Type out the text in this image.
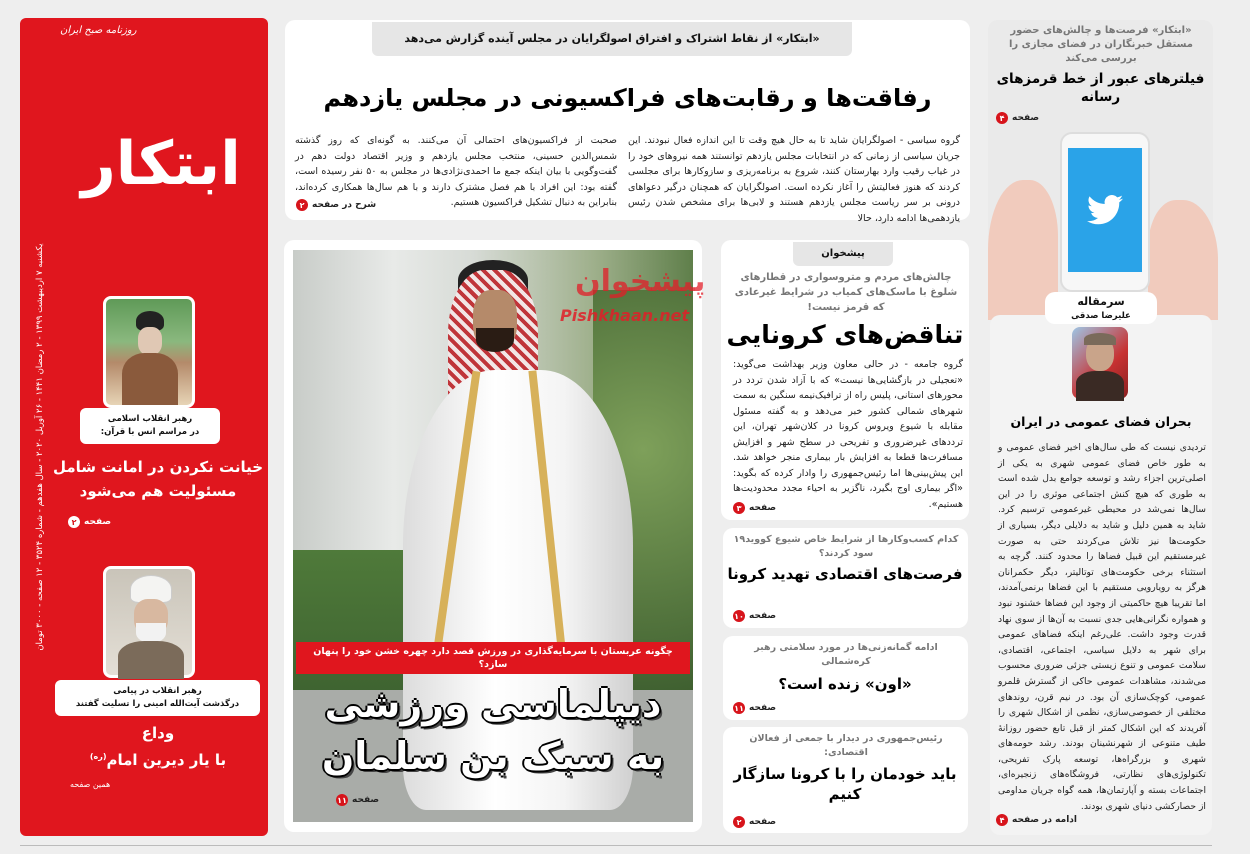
روزنامه صبح ایران
ابتکار
یکشنبه ۷ اردیبهشت ۱۳۹۹ - ۲ رمضان ۱۴۴۱ - ۲۶ آوریل ۲۰۲۰ - سال هفدهم - شماره ۳۵۲۴ - ۱۲ صفحه - ۳۰۰۰ تومان
رهبر انقلاب اسلامی
در مراسم انس با قرآن:
خیانت نکردن در امانت شامل
مسئولیت هم می‌شود
صفحه
۲
رهبر انقلاب در پیامی
درگذشت آیت‌الله امینی را تسلیت گفتند
وداع
با یار دیرین امام$^{(ره)}$
همین صفحه
«ابتکار» از نقاط اشتراک و افتراق اصولگرایان در مجلس آینده گزارش می‌دهد
رفاقت‌ها و رقابت‌های فراکسیونی در مجلس یازدهم
گروه سیاسی - اصولگرایان شاید تا به حال هیچ وقت تا این اندازه فعال نبودند. این جریان سیاسی از زمانی که در انتخابات مجلس یازدهم توانستند همه نیروهای خود را در غیاب رقیب وارد بهارستان کنند، شروع به برنامه‌ریزی و سازوکارها برای مجلسی کردند که هنوز فعالیتش را آغاز نکرده است. اصولگرایان که همچنان درگیر دعواهای درونی بر سر ریاست مجلس یازدهم هستند و لابی‌ها برای مشخص شدن رئیس یازدهمی‌ها ادامه دارد، حالا
صحبت از فراکسیون‌های احتمالی آن می‌کنند. به گونه‌ای که روز گذشته شمس‌الدین حسینی، منتخب مجلس یازدهم و وزیر اقتصاد دولت دهم در گفت‌وگویی با بیان اینکه جمع ما احمدی‌نژادی‌ها در مجلس به ۵۰ نفر رسیده است، گفته بود: این افراد با هم فصل مشترک دارند و با هم سال‌ها همکاری کرده‌اند، بنابراین به دنبال تشکیل فراکسیون هستیم.
شرح در صفحه
۲
چگونه عربستان با سرمایه‌گذاری در ورزش قصد دارد چهره خشن خود را پنهان سازد؟
دیپلماسی ورزشی
به سبک بن سلمان
صفحه
۱۱
پیشخوان
چالش‌های مردم و متروسواری در قطارهای شلوغ با ماسک‌های کمیاب در شرایط غیرعادی که قرمز نیست!
تناقض‌های کرونایی
گروه جامعه - در حالی معاون وزیر بهداشت می‌گوید: «تعجیلی در بازگشایی‌ها نیست» که با آزاد شدن تردد در محورهای استانی، پلیس راه از ترافیک‌نیمه سنگین به سمت شهرهای شمالی کشور خبر می‌دهد و به گفته مسئول مقابله با شیوع ویروس کرونا در کلان‌شهر تهران، این ترددهای غیرضروری و تفریحی در سطح شهر و افزایش مسافرت‌ها قطعا به افزایش بار بیماری منجر خواهد شد. این پیش‌بینی‌ها اما رئیس‌جمهوری را وادار کرده که بگوید: «اگر بیماری اوج بگیرد، ناگزیر به احیاء مجدد محدودیت‌ها هستیم».
صفحه
۳
کدام کسب‌وکارها از شرایط خاص شیوع کووید۱۹ سود کردند؟
فرصت‌های اقتصادی تهدید کرونا
صفحه
۱۰
ادامه گمانه‌زنی‌ها در مورد سلامتی رهبر کره‌شمالی
«اون» زنده است؟
صفحه
۱۱
رئیس‌جمهوری در دیدار با جمعی از فعالان اقتصادی:
باید خودمان را با کرونا سازگار کنیم
صفحه
۲
«ابتکار» فرصت‌ها و چالش‌های حضور مستقل خبرنگاران در فضای مجازی را بررسی می‌کند
فیلترهای عبور از خط قرمزهای رسانه
صفحه
۴
سرمقاله
علیرضا صدقی
بحران فضای عمومی در ایران
تردیدی نیست که طی سال‌های اخیر فضای عمومی و به طور خاص فضای عمومی شهری به یکی از اصلی‌ترین اجزاء رشد و توسعه جوامع بدل شده است به طوری که هیچ کنش اجتماعی موثری را در این سال‌ها نمی‌شد در محیطی غیرعمومی ترسیم کرد. شاید به همین دلیل و شاید به دلایلی دیگر، بسیاری از حکومت‌ها نیز تلاش می‌کردند حتی به صورت غیرمستقیم این قبیل فضاها را محدود کنند. گرچه به استثناء برخی حکومت‌های توتالیتر، دیگر حکمرانان هرگز به رویارویی مستقیم با این فضاها برنمی‌آمدند، اما تقریبا هیچ حاکمیتی از وجود این فضاها خشنود نبود و همواره نگرانی‌هایی جدی نسبت به آن‌ها از سوی نهاد قدرت وجود داشت. علی‌رغم اینکه فضاهای عمومی برای شهر به دلایل سیاسی، اجتماعی، اقتصادی، سلامت عمومی و تنوع زیستی جزئی ضروری محسوب می‌شدند، مشاهدات عمومی حاکی از گسترش قلمرو عمومی، کوچک‌سازی آن بود. در نیم قرن، روندهای مختلفی از خصوصی‌سازی، نظمی از اشکال شهری را آفریدند که این اشکال کمتر از قبل تابع حضور روزانهٔ طیف متنوعی از شهرنشینان بودند. رشد حومه‌های شهری و بزرگراه‌ها، توسعه پارک تفریحی، تکنولوژی‌های نظارتی، فروشگاه‌های زنجیره‌ای، اجتماعات بسته و آپارتمان‌ها، همه گواه جریان مداومی از حصارکشی دنیای شهری بودند.
ادامه در صفحه
۴
پیشخوان
Pishkhaan.net
